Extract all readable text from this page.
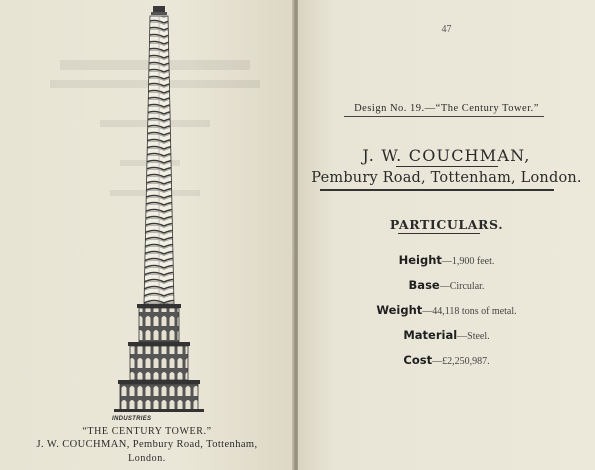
INDUSTRIES
“THE CENTURY TOWER.”
J. W. COUCHMAN, Pembury Road, Tottenham,
London.
47
Design No. 19.—“The Century Tower.”
J. W. COUCHMAN,
Pembury Road, Tottenham, London.
PARTICULARS.
Height—1,900 feet.
Base—Circular.
Weight—44,118 tons of metal.
Material—Steel.
Cost—£2,250,987.
